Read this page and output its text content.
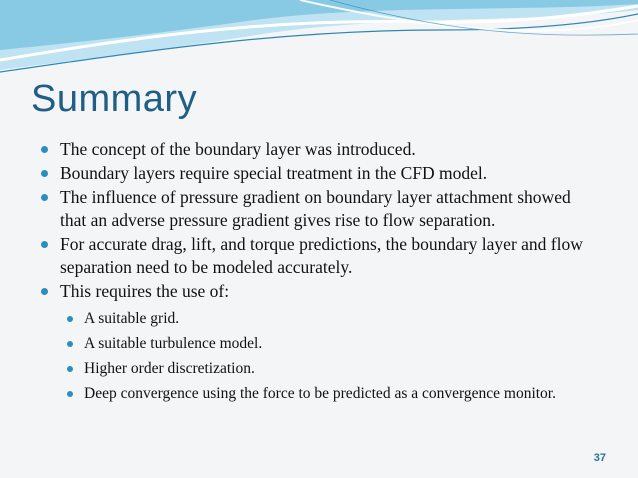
Summary
The concept of the boundary layer was introduced.
Boundary layers require special treatment in the CFD model.
The influence of pressure gradient on boundary layer attachment showed that an adverse pressure gradient gives rise to flow separation.
For accurate drag, lift, and torque predictions, the boundary layer and flow separation need to be modeled accurately.
This requires the use of:
A suitable grid.
A suitable turbulence model.
Higher order discretization.
Deep convergence using the force to be predicted as a convergence monitor.
37
